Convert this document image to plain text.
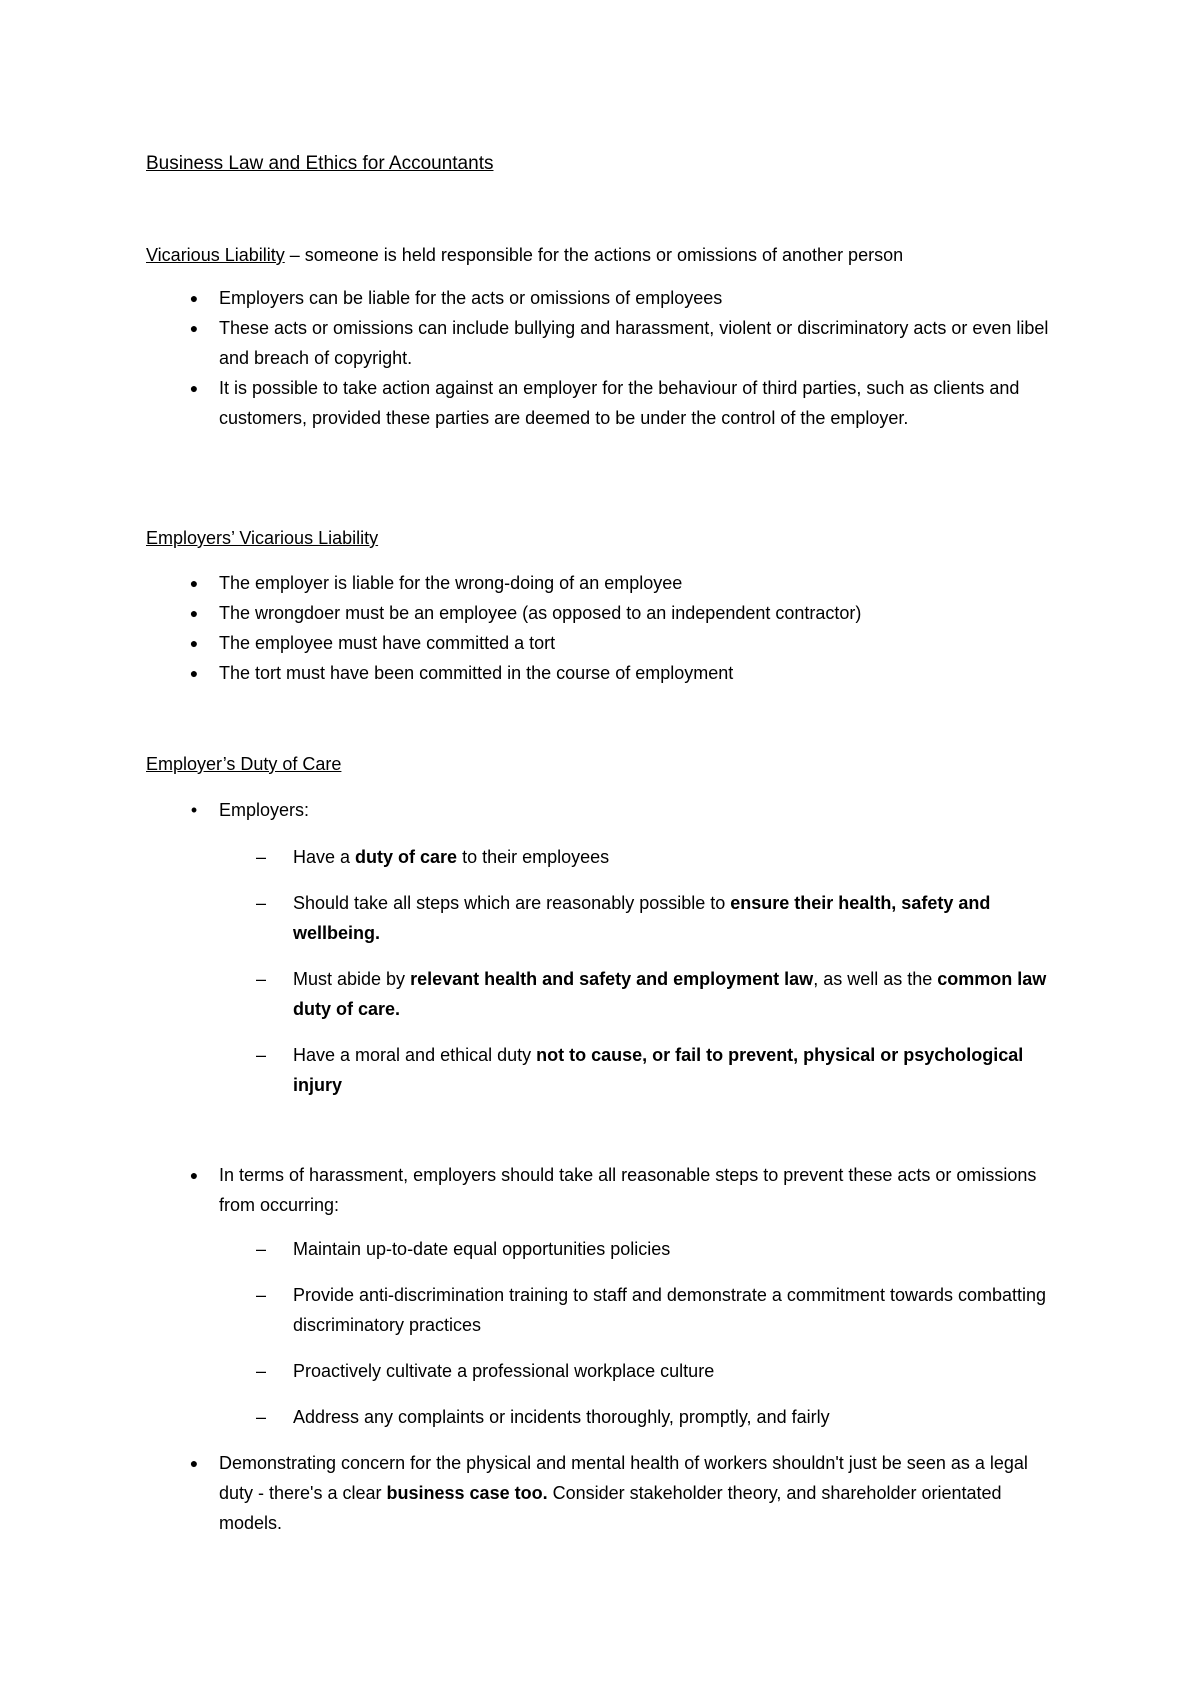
Business Law and Ethics for Accountants

Vicarious Liability – someone is held responsible for the actions or omissions of another person

● Employers can be liable for the acts or omissions of employees
● These acts or omissions can include bullying and harassment, violent or discriminatory acts or even libel and breach of copyright.
● It is possible to take action against an employer for the behaviour of third parties, such as clients and customers, provided these parties are deemed to be under the control of the employer.

Employers’ Vicarious Liability

● The employer is liable for the wrong-doing of an employee
● The wrongdoer must be an employee (as opposed to an independent contractor)
● The employee must have committed a tort
● The tort must have been committed in the course of employment

Employer’s Duty of Care

• Employers:
– Have a duty of care to their employees
– Should take all steps which are reasonably possible to ensure their health, safety and wellbeing.
– Must abide by relevant health and safety and employment law, as well as the common law duty of care.
– Have a moral and ethical duty not to cause, or fail to prevent, physical or psychological injury
● In terms of harassment, employers should take all reasonable steps to prevent these acts or omissions from occurring:
– Maintain up-to-date equal opportunities policies
– Provide anti-discrimination training to staff and demonstrate a commitment towards combatting discriminatory practices
– Proactively cultivate a professional workplace culture
– Address any complaints or incidents thoroughly, promptly, and fairly
● Demonstrating concern for the physical and mental health of workers shouldn't just be seen as a legal duty - there's a clear business case too. Consider stakeholder theory, and shareholder orientated models.
